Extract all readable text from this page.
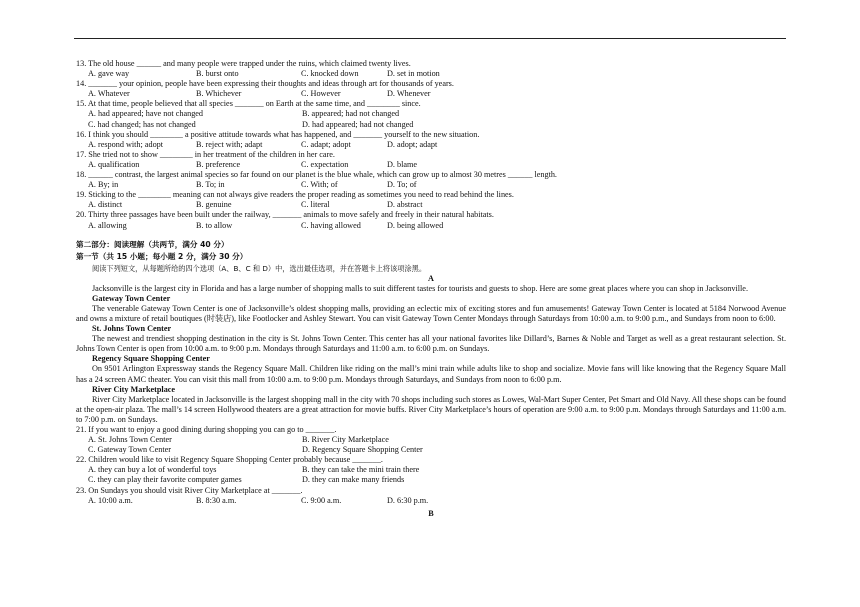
13. The old house ______ and many people were trapped under the ruins, which claimed twenty lives.
A. gave way	B. burst onto	C. knocked down	D. set in motion
14. _______ your opinion, people have been expressing their thoughts and ideas through art for thousands of years.
A. Whatever	B. Whichever	C. However	D. Whenever
15. At that time, people believed that all species _______ on Earth at the same time, and ________ since.
A. had appeared; have not changed	B. appeared; had not changed
C. had changed; has not changed	D. had appeared; had not changed
16. I think you should ________ a positive attitude towards what has happened, and _______ yourself to the new situation.
A. respond with; adopt	B. reject with; adapt	C. adapt; adopt	D. adopt; adapt
17. She tried not to show ________ in her treatment of the children in her care.
A. qualification	B. preference	C. expectation	D. blame
18. ______ contrast, the largest animal species so far found on our planet is the blue whale, which can grow up to almost 30 metres ______ length.
A. By; in	B. To; in	C. With; of	D. To; of
19. Sticking to the ________ meaning can not always give readers the proper reading as sometimes you need to read behind the lines.
A. distinct	B. genuine	C. literal	D. abstract
20. Thirty three passages have been built under the railway, _______ animals to move safely and freely in their natural habitats.
A. allowing	B. to allow	C. having allowed	D. being allowed
第二部分：阅读理解（共两节，满分 40 分）
第一节（共 15 小题；每小题 2 分，满分 30 分）
阅读下列短文，从每题所给的四个选项（A、B、C 和 D）中，选出最佳选项，并在答题卡上将该项涂黑。
A
Jacksonville is the largest city in Florida and has a large number of shopping malls to suit different tastes for tourists and guests to shop. Here are some great places where you can shop in Jacksonville.
Gateway Town Center
The venerable Gateway Town Center is one of Jacksonville’s oldest shopping malls, providing an eclectic mix of exciting stores and fun amusements! Gateway Town Center is located at 5184 Norwood Avenue and owns a mixture of retail boutiques (时装店), like Footlocker and Ashley Stewart. You can visit Gateway Town Center Mondays through Saturdays from 10:00 a.m. to 9:00 p.m., and Sundays from noon to 6:00.
St. Johns Town Center
The newest and trendiest shopping destination in the city is St. Johns Town Center. This center has all your national favorites like Dillard’s, Barnes & Noble and Target as well as a great restaurant selection. St. Johns Town Center is open from 10:00 a.m. to 9:00 p.m. Mondays through Saturdays and 11:00 a.m. to 6:00 p.m. on Sundays.
Regency Square Shopping Center
On 9501 Arlington Expressway stands the Regency Square Mall. Children like riding on the mall’s mini train while adults like to shop and socialize. Movie fans will like knowing that the Regency Square Mall has a 24 screen AMC theater. You can visit this mall from 10:00 a.m. to 9:00 p.m. Mondays through Saturdays, and Sundays from noon to 6:00 p.m.
River City Marketplace
River City Marketplace located in Jacksonville is the largest shopping mall in the city with 70 shops including such stores as Lowes, Wal-Mart Super Center, Pet Smart and Old Navy. All these shops can be found at the open-air plaza. The mall’s 14 screen Hollywood theaters are a great attraction for movie buffs. River City Marketplace’s hours of operation are 9:00 a.m. to 9:00 p.m. Mondays through Saturdays and 11:00 a.m. to 7:00 p.m. on Sundays.
21. If you want to enjoy a good dining during shopping you can go to _______.
A. St. Johns Town Center	B. River City Marketplace
C. Gateway Town Center	D. Regency Square Shopping Center
22. Children would like to visit Regency Square Shopping Center probably because _______.
A. they can buy a lot of wonderful toys	B. they can take the mini train there
C. they can play their favorite computer games	D. they can make many friends
23. On Sundays you should visit River City Marketplace at _______.
A. 10:00 a.m.	B. 8:30 a.m.	C. 9:00 a.m.	D. 6:30 p.m.
B
